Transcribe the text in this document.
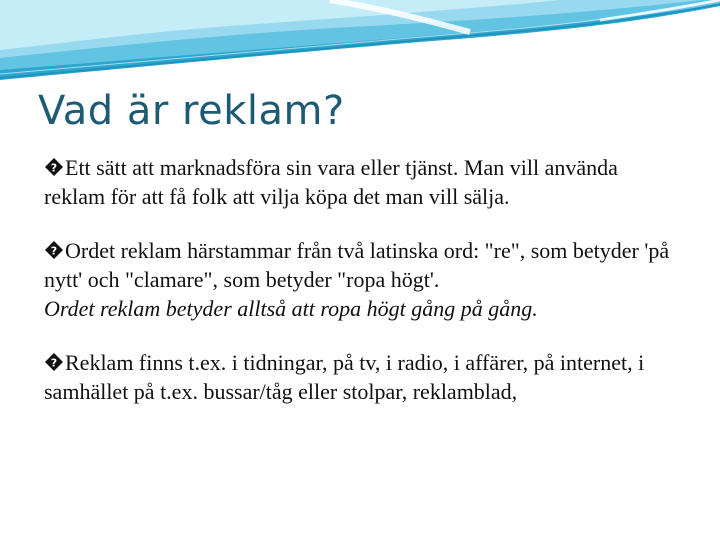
Vad är reklam?
? Ett sätt att marknadsföra sin vara eller tjänst. Man vill använda reklam för att få folk att vilja köpa det man vill sälja.
? Ordet reklam härstammar från två latinska ord: "re", som betyder 'på nytt' och "clamare", som betyder "ropa högt'.

Ordet reklam betyder alltså att ropa högt gång på gång.

? Reklam finns t.ex. i tidningar, på tv, i radio, i affärer, på internet, i samhället på t.ex. bussar/tåg eller stolpar, reklamblad,
